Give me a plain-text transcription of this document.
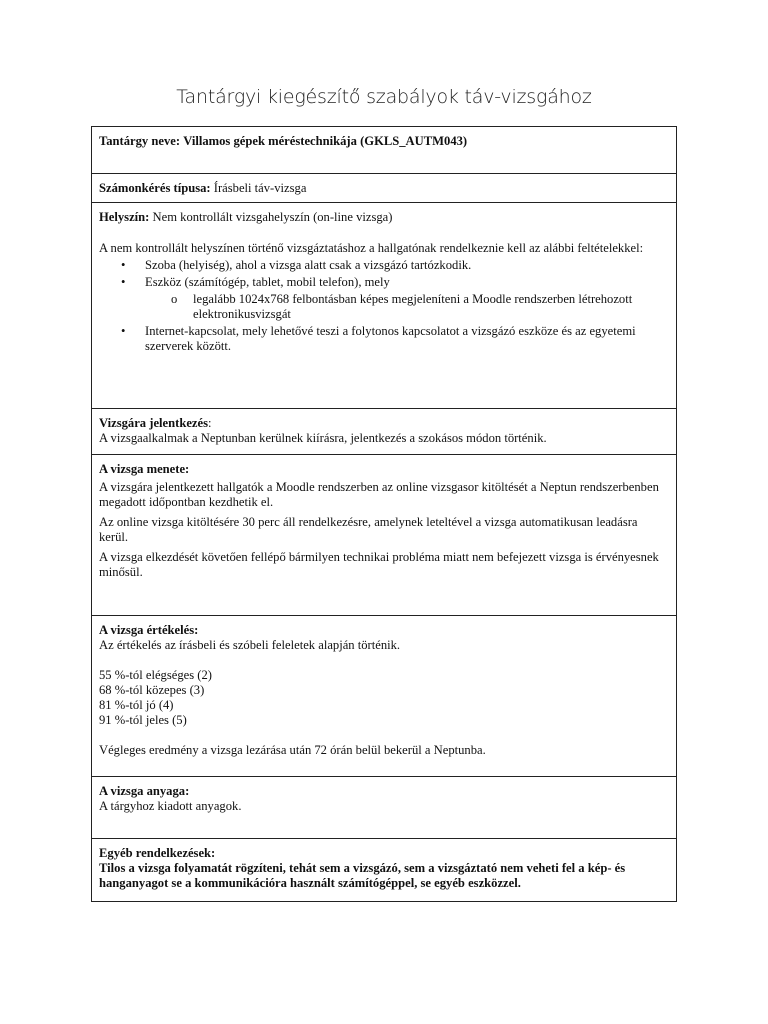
Tantárgyi kiegészítő szabályok táv-vizsgához

Tantárgy neve: Villamos gépek méréstechnikája (GKLS_AUTM043)

Számonkérés típusa: Írásbeli táv-vizsga

Helyszín: Nem kontrollált vizsgahelyszín (on-line vizsga)

A nem kontrollált helyszínen történő vizsgáztatáshoz a hallgatónak rendelkeznie kell az alábbi feltételekkel:

• Szoba (helyiség), ahol a vizsga alatt csak a vizsgázó tartózkodik.
• Eszköz (számítógép, tablet, mobil telefon), mely
o legalább 1024x768 felbontásban képes megjeleníteni a Moodle rendszerben létrehozott elektronikusvizsgát
• Internet-kapcsolat, mely lehetővé teszi a folytonos kapcsolatot a vizsgázó eszköze és az egyetemi szerverek között.

Vizsgára jelentkezés:

A vizsgaalkalmak a Neptunban kerülnek kiírásra, jelentkezés a szokásos módon történik.

A vizsga menete:

A vizsgára jelentkezett hallgatók a Moodle rendszerben az online vizsgasor kitöltését a Neptun rendszerbenben megadott időpontban kezdhetik el.

Az online vizsga kitöltésére 30 perc áll rendelkezésre, amelynek leteltével a vizsga automatikusan leadásra kerül.

A vizsga elkezdését követően fellépő bármilyen technikai probléma miatt nem befejezett vizsga is érvényesnek minősül.

A vizsga értékelés:

Az értékelés az írásbeli és szóbeli feleletek alapján történik.

55 %-tól elégséges (2)

68 %-tól közepes (3)

81 %-tól jó (4)

91 %-tól jeles (5)

Végleges eredmény a vizsga lezárása után 72 órán belül bekerül a Neptunba.

A vizsga anyaga:

A tárgyhoz kiadott anyagok.

Egyéb rendelkezések:

Tilos a vizsga folyamatát rögzíteni, tehát sem a vizsgázó, sem a vizsgáztató nem veheti fel a kép- és hanganyagot se a kommunikációra használt számítógéppel, se egyéb eszközzel.
